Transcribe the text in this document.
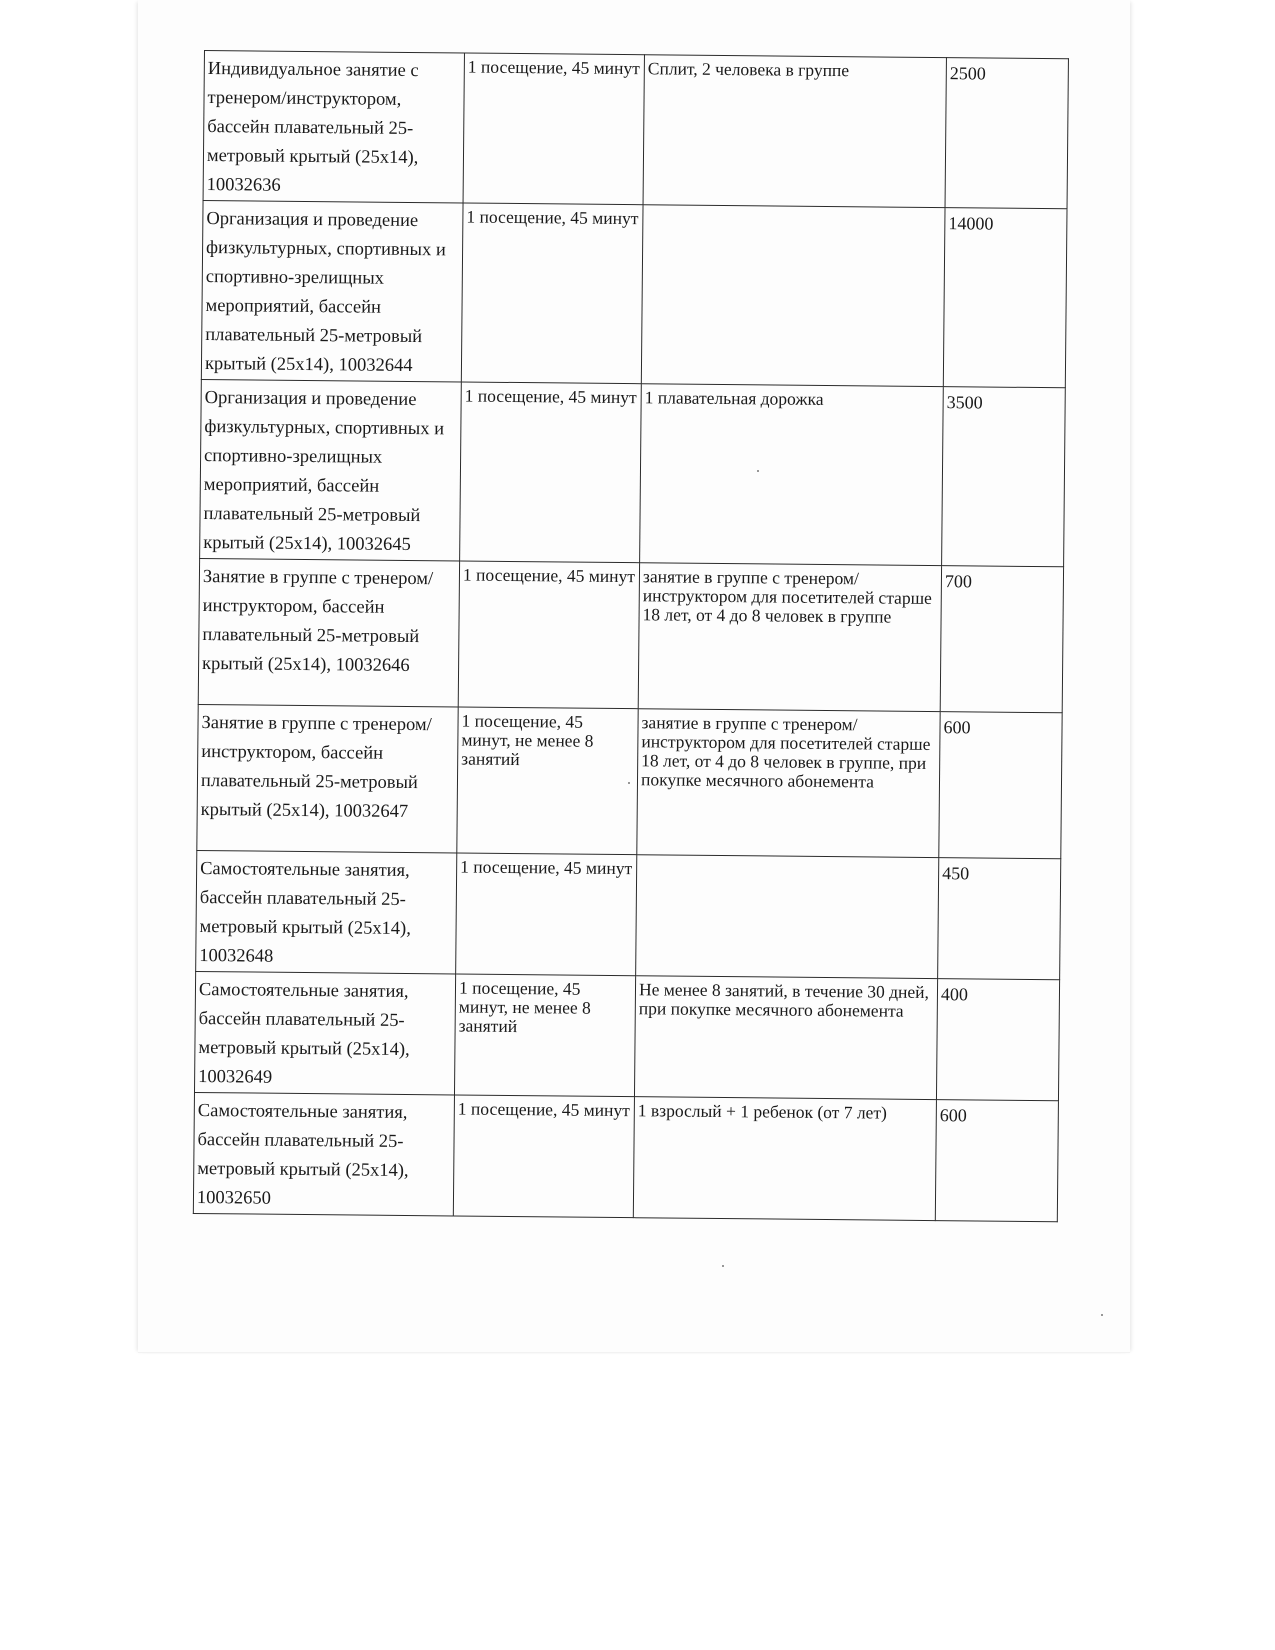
Индивидуальное занятие с тренером/инструктором, бассейн плавательный 25-метровый крытый (25х14), 10032636	1 посещение, 45 минут	Сплит, 2 человека в группе	2500
Организация и проведение физкультурных, спортивных и спортивно-зрелищных мероприятий, бассейн плавательный 25-метровый крытый (25х14), 10032644	1 посещение, 45 минут		14000
Организация и проведение физкультурных, спортивных и спортивно-зрелищных мероприятий, бассейн плавательный 25-метровый крытый (25х14), 10032645	1 посещение, 45 минут	1 плавательная дорожка	3500
Занятие в группе с тренером/инструктором, бассейн плавательный 25-метровый крытый (25х14), 10032646	1 посещение, 45 минут	занятие в группе с тренером/инструктором для посетителей старше 18 лет, от 4 до 8 человек в группе	700
Занятие в группе с тренером/инструктором, бассейн плавательный 25-метровый крытый (25х14), 10032647	1 посещение, 45 минут, не менее 8 занятий	занятие в группе с тренером/инструктором для посетителей старше 18 лет, от 4 до 8 человек в группе, при покупке месячного абонемента	600
Самостоятельные занятия, бассейн плавательный 25-метровый крытый (25х14), 10032648	1 посещение, 45 минут		450
Самостоятельные занятия, бассейн плавательный 25-метровый крытый (25х14), 10032649	1 посещение, 45 минут, не менее 8 занятий	Не менее 8 занятий, в течение 30 дней, при покупке месячного абонемента	400
Самостоятельные занятия, бассейн плавательный 25-метровый крытый (25х14), 10032650	1 посещение, 45 минут	1 взрослый + 1 ребенок (от 7 лет)	600
